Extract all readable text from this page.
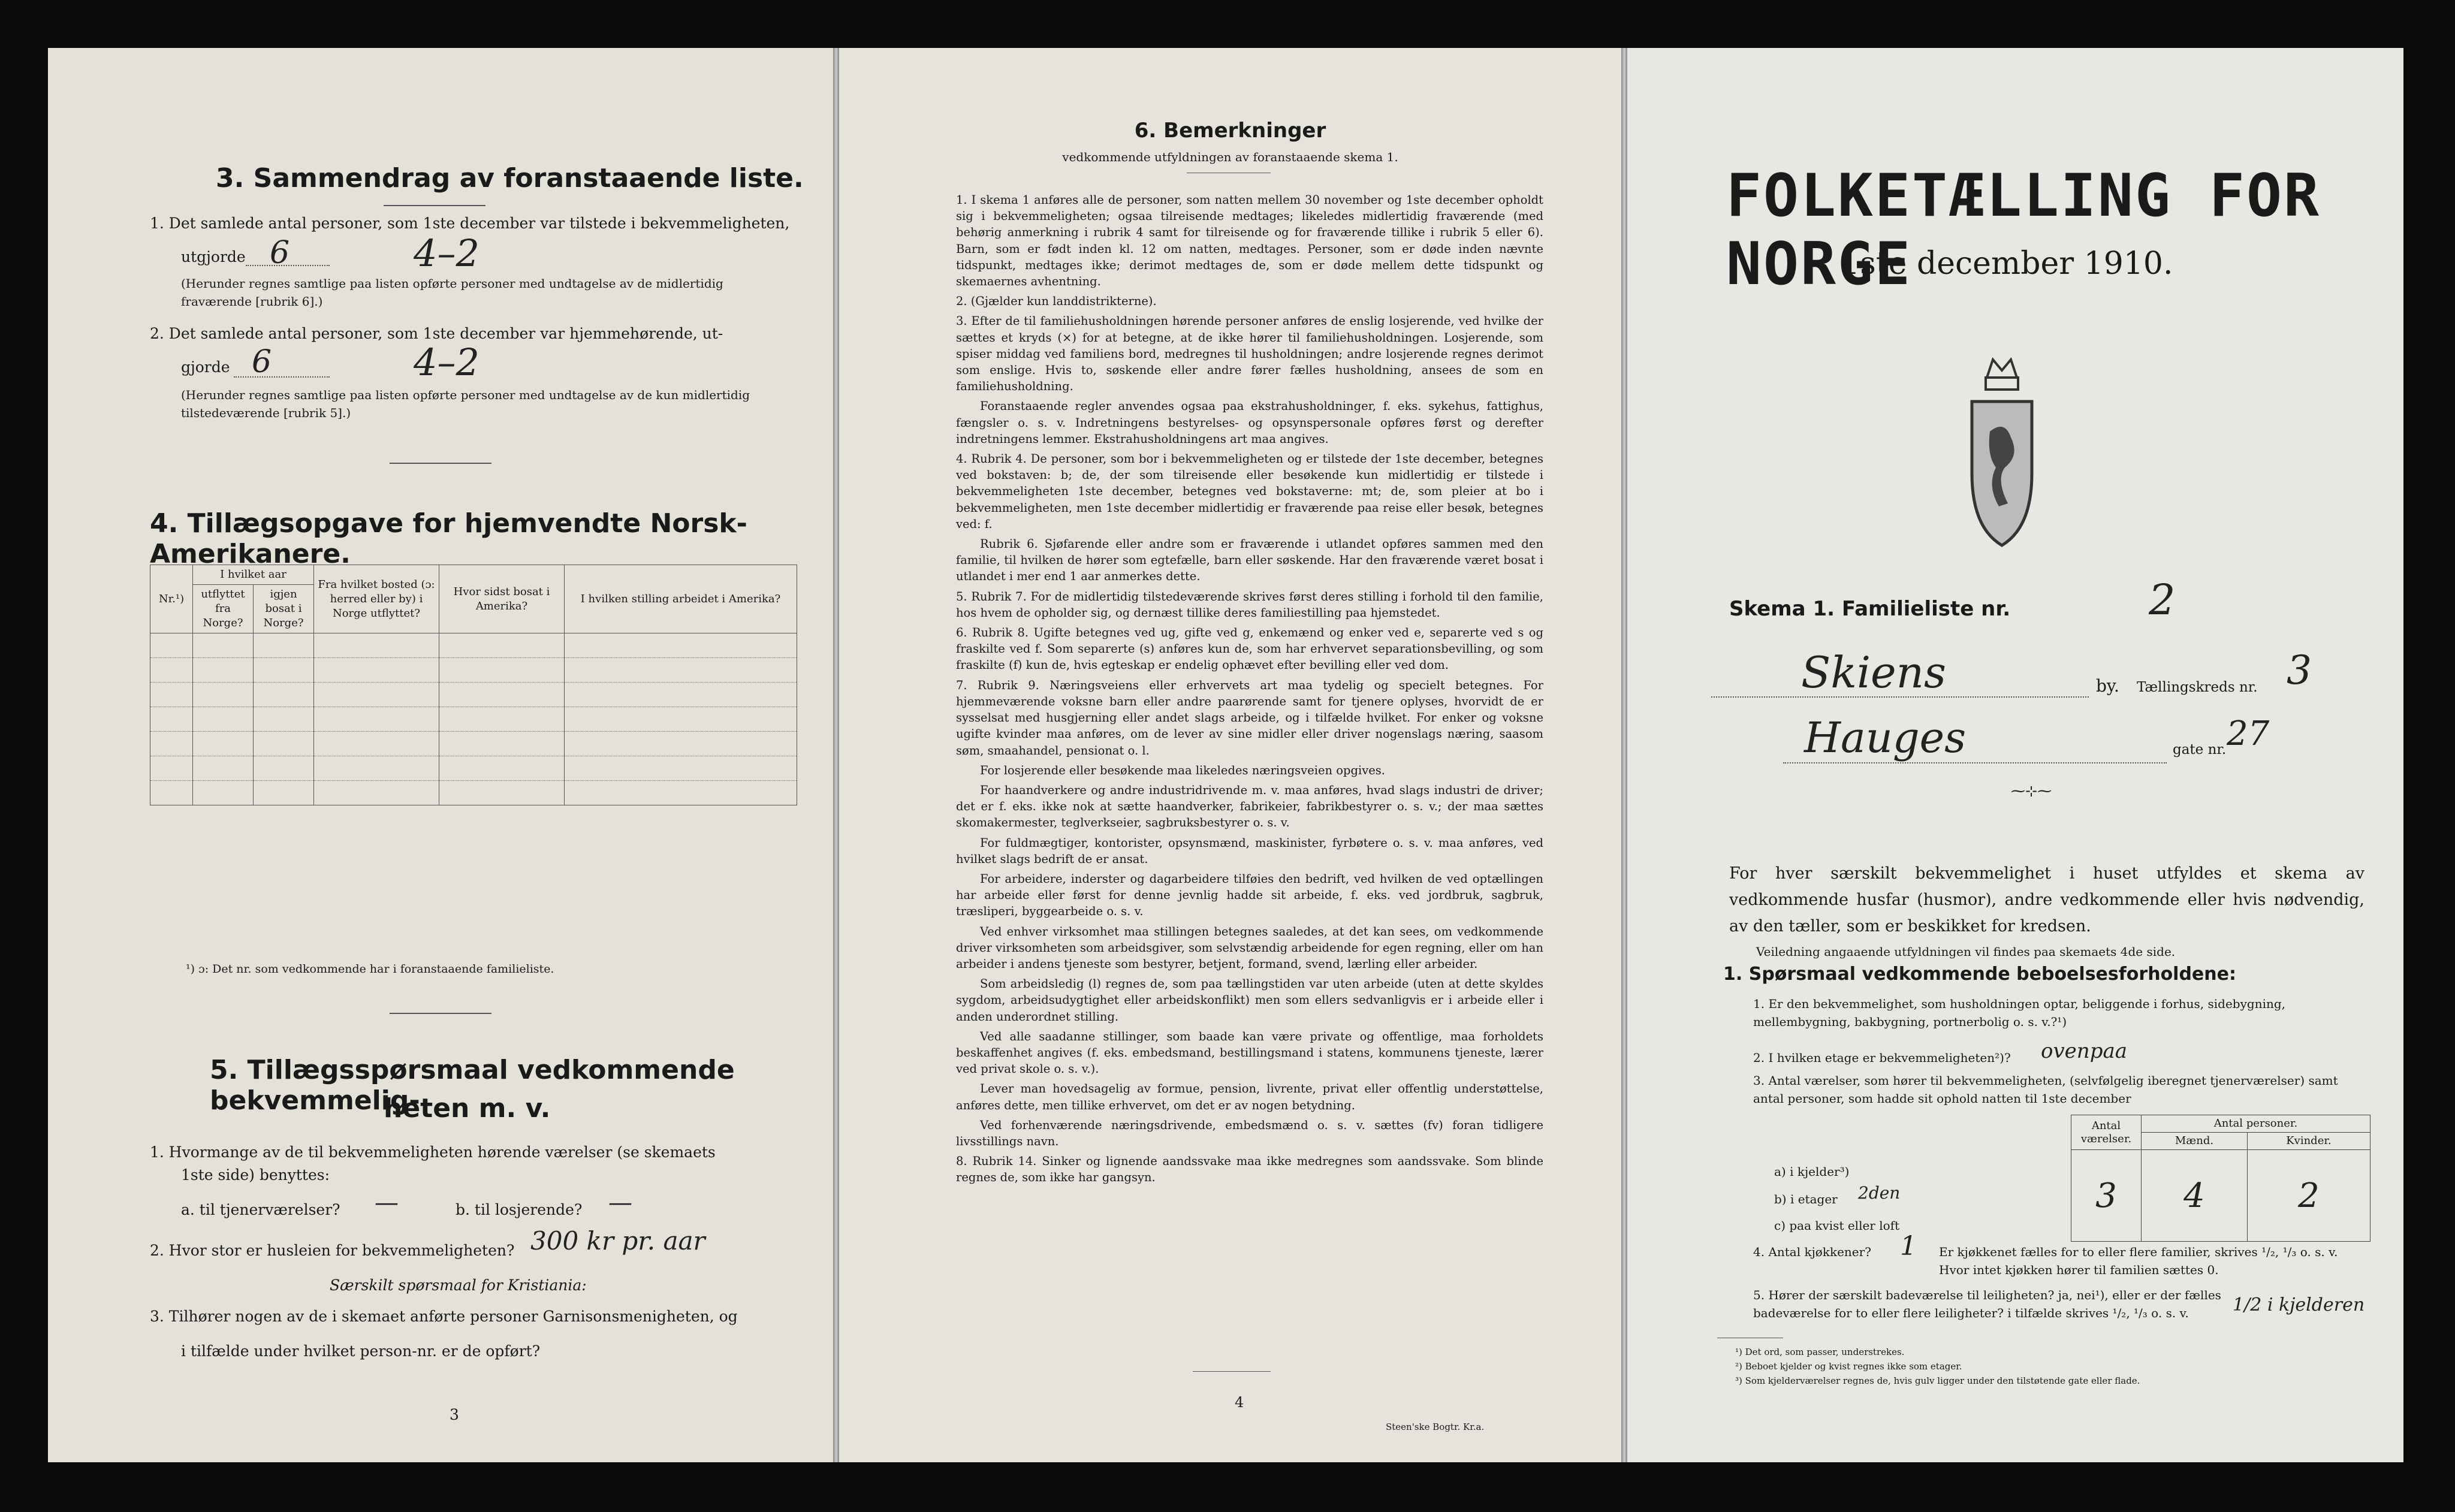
3. Sammendrag av foranstaaende liste.
1. Det samlede antal personer, som 1ste december var tilstede i bekvemmeligheten,
utgjorde 6	4–2
(Herunder regnes samtlige paa listen opførte personer med undtagelse av de midlertidig fraværende [rubrik 6].)
2. Det samlede antal personer, som 1ste december var hjemmehørende, ut-
gjorde 6	4–2
(Herunder regnes samtlige paa listen opførte personer med undtagelse av de kun midlertidig tilstedeværende [rubrik 5].)
4. Tillægsopgave for hjemvendte Norsk-Amerikanere.
Nr.¹)	I hvilket aar		Fra hvilket bosted (ɔ: herred eller by) i Norge utflyttet?	Hvor sidst bosat i Amerika?	I hvilken stilling arbeidet i Amerika?
	utflyttet fra Norge?	igjen bosat i Norge?			

¹) ɔ: Det nr. som vedkommende har i foranstaaende familieliste.
5. Tillægsspørsmaal vedkommende bekvemmelig-
heten m. v.
1. Hvormange av de til bekvemmeligheten hørende værelser (se skemaets
1ste side) benyttes:
a. til tjenerværelser? —	b. til losjerende? —
2. Hvor stor er husleien for bekvemmeligheten? 300 kr pr. aar
Særskilt spørsmaal for Kristiania:
3. Tilhører nogen av de i skemaet anførte personer Garnisonsmenigheten, og
i tilfælde under hvilket person-nr. er de opført?
3
6. Bemerkninger
vedkommende utfyldningen av foranstaaende skema 1.

1. I skema 1 anføres alle de personer, som natten mellem 30 november og 1ste december opholdt sig i bekvemmeligheten; ogsaa tilreisende medtages; likeledes midlertidig fraværende (med behørig anmerkning i rubrik 4 samt for tilreisende og for fraværende tillike i rubrik 5 eller 6). Barn, som er født inden kl. 12 om natten, medtages. Personer, som er døde inden nævnte tidspunkt, medtages ikke; derimot medtages de, som er døde mellem dette tidspunkt og skemaernes avhentning.

2. (Gjælder kun landdistrikterne).

3. Efter de til familiehusholdningen hørende personer anføres de enslig losjerende, ved hvilke der sættes et kryds (×) for at betegne, at de ikke hører til familiehusholdningen. Losjerende, som spiser middag ved familiens bord, medregnes til husholdningen; andre losjerende regnes derimot som enslige. Hvis to, søskende eller andre fører fælles husholdning, ansees de som en familiehusholdning.

Foranstaaende regler anvendes ogsaa paa ekstrahusholdninger, f. eks. sykehus, fattighus, fængsler o. s. v. Indretningens bestyrelses- og opsynspersonale opføres først og derefter indretningens lemmer. Ekstrahusholdningens art maa angives.

4. Rubrik 4. De personer, som bor i bekvemmeligheten og er tilstede der 1ste december, betegnes ved bokstaven: b; de, der som tilreisende eller besøkende kun midlertidig er tilstede i bekvemmeligheten 1ste december, betegnes ved bokstaverne: mt; de, som pleier at bo i bekvemmeligheten, men 1ste december midlertidig er fraværende paa reise eller besøk, betegnes ved: f.

Rubrik 6. Sjøfarende eller andre som er fraværende i utlandet opføres sammen med den familie, til hvilken de hører som egtefælle, barn eller søskende. Har den fraværende været bosat i utlandet i mer end 1 aar anmerkes dette.

5. Rubrik 7. For de midlertidig tilstedeværende skrives først deres stilling i forhold til den familie, hos hvem de opholder sig, og dernæst tillike deres familiestilling paa hjemstedet.

6. Rubrik 8. Ugifte betegnes ved ug, gifte ved g, enkemænd og enker ved e, separerte ved s og fraskilte ved f. Som separerte (s) anføres kun de, som har erhvervet separationsbevilling, og som fraskilte (f) kun de, hvis egteskap er endelig ophævet efter bevilling eller ved dom.

7. Rubrik 9. Næringsveiens eller erhvervets art maa tydelig og specielt betegnes. For hjemmeværende voksne barn eller andre paarørende samt for tjenere oplyses, hvorvidt de er sysselsat med husgjerning eller andet slags arbeide, og i tilfælde hvilket. For enker og voksne ugifte kvinder maa anføres, om de lever av sine midler eller driver nogenslags næring, saasom søm, smaahandel, pensionat o. l.

For losjerende eller besøkende maa likeledes næringsveien opgives.

For haandverkere og andre industridrivende m. v. maa anføres, hvad slags industri de driver; det er f. eks. ikke nok at sætte haandverker, fabrikeier, fabrikbestyrer o. s. v.; der maa sættes skomakermester, teglverkseier, sagbruksbestyrer o. s. v.

For fuldmægtiger, kontorister, opsynsmænd, maskinister, fyrbøtere o. s. v. maa anføres, ved hvilket slags bedrift de er ansat.

For arbeidere, inderster og dagarbeidere tilføies den bedrift, ved hvilken de ved optællingen har arbeide eller først for denne jevnlig hadde sit arbeide, f. eks. ved jordbruk, sagbruk, træsliperi, byggearbeide o. s. v.

Ved enhver virksomhet maa stillingen betegnes saaledes, at det kan sees, om vedkommende driver virksomheten som arbeidsgiver, som selvstændig arbeidende for egen regning, eller om han arbeider i andens tjeneste som bestyrer, betjent, formand, svend, lærling eller arbeider.

Som arbeidsledig (l) regnes de, som paa tællingstiden var uten arbeide (uten at dette skyldes sygdom, arbeidsudygtighet eller arbeidskonflikt) men som ellers sedvanligvis er i arbeide eller i anden underordnet stilling.

Ved alle saadanne stillinger, som baade kan være private og offentlige, maa forholdets beskaffenhet angives (f. eks. embedsmand, bestillingsmand i statens, kommunens tjeneste, lærer ved privat skole o. s. v.).

Lever man hovedsagelig av formue, pension, livrente, privat eller offentlig understøttelse, anføres dette, men tillike erhvervet, om det er av nogen betydning.

Ved forhenværende næringsdrivende, embedsmænd o. s. v. sættes (fv) foran tidligere livsstillings navn.

8. Rubrik 14. Sinker og lignende aandssvake maa ikke medregnes som aandssvake. Som blinde regnes de, som ikke har gangsyn.

4
Steen'ske Bogtr. Kr.a.
FOLKETÆLLING FOR NORGE
1ste december 1910.
Skema 1. Familieliste nr.	2
Skiens	by. Tællingskreds nr. 3
Hauges	gate nr. 27
⁓⊹⁓
For hver særskilt bekvemmelighet i huset utfyldes et skema av vedkommende husfar (husmor), andre vedkommende eller hvis nødvendig, av den tæller, som er beskikket for kredsen.
Veiledning angaaende utfyldningen vil findes paa skemaets 4de side.
1. Spørsmaal vedkommende beboelsesforholdene:
1. Er den bekvemmelighet, som husholdningen optar, beliggende i forhus, sidebygning, mellembygning, bakbygning, portnerbolig o. s. v.?¹)
2. I hvilken etage er bekvemmeligheten²)? ovenpaa
3. Antal værelser, som hører til bekvemmeligheten, (selvfølgelig iberegnet tjenerværelser) samt antal personer, som hadde sit ophold natten til 1ste december
Antal værelser.	Antal personer.	
	Mænd.	Kvinder.
3	4	2
a) i kjelder³)
b) i etager 2den
c) paa kvist eller loft
4. Antal kjøkkener? 1 Er kjøkkenet fælles for to eller flere familier, skrives ¹/₂, ¹/₃ o. s. v. Hvor intet kjøkken hører til familien sættes 0.
5. Hører der særskilt badeværelse til leiligheten? ja, nei¹), eller er der fælles badeværelse for to eller flere leiligheter? i tilfælde skrives ¹/₂, ¹/₃ o. s. v.	1/2 i kjelderen
¹) Det ord, som passer, understrekes.
²) Beboet kjelder og kvist regnes ikke som etager.
³) Som kjelderværelser regnes de, hvis gulv ligger under den tilstøtende gate eller flade.
